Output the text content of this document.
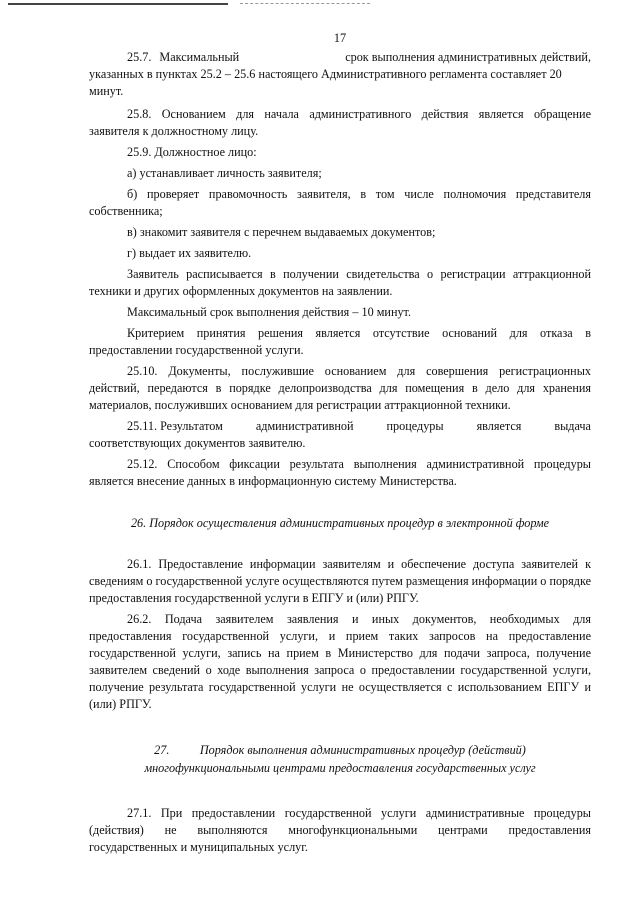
17
25.7. Максимальный	срок выполнения административных действий,
указанных в пунктах 25.2 – 25.6 настоящего Административного регламента составляет 20
минут.
25.8. Основанием для начала административного действия является обращение заявителя к должностному лицу.
25.9. Должностное лицо:
а) устанавливает личность заявителя;
б) проверяет правомочность заявителя, в том числе полномочия представителя собственника;
в) знакомит заявителя с перечнем выдаваемых документов;
г) выдает их заявителю.
Заявитель расписывается в получении свидетельства о регистрации аттракционной техники и других оформленных документов на заявлении.
Максимальный срок выполнения действия – 10 минут.
Критерием принятия решения является отсутствие оснований для отказа в предоставлении государственной услуги.
25.10. Документы, послужившие основанием для совершения регистрационных действий, передаются в порядке делопроизводства для помещения в дело для хранения материалов, послуживших основанием для регистрации аттракционной техники.
25.11. Результатом	административной	процедуры	является	выдача
соответствующих документов заявителю.
25.12. Способом фиксации результата выполнения административной процедуры является внесение данных в информационную систему Министерства.
26. Порядок осуществления административных процедур в электронной форме
26.1. Предоставление информации заявителям и обеспечение доступа заявителей к сведениям о государственной услуге осуществляются путем размещения информации о порядке предоставления государственной услуги в ЕПГУ и (или) РПГУ.
26.2. Подача заявителем заявления и иных документов, необходимых для предоставления государственной услуги, и прием таких запросов на предоставление государственной услуги, запись на прием в Министерство для подачи запроса, получение заявителем сведений о ходе выполнения запроса о предоставлении государственной услуги, получение результата государственной услуги не осуществляется с использованием ЕПГУ и (или) РПГУ.
27.          Порядок выполнения административных процедур (действий)
многофункциональными центрами предоставления государственных услуг
27.1. При предоставлении государственной услуги административные процедуры (действия) не выполняются многофункциональными центрами предоставления государственных и муниципальных услуг.
